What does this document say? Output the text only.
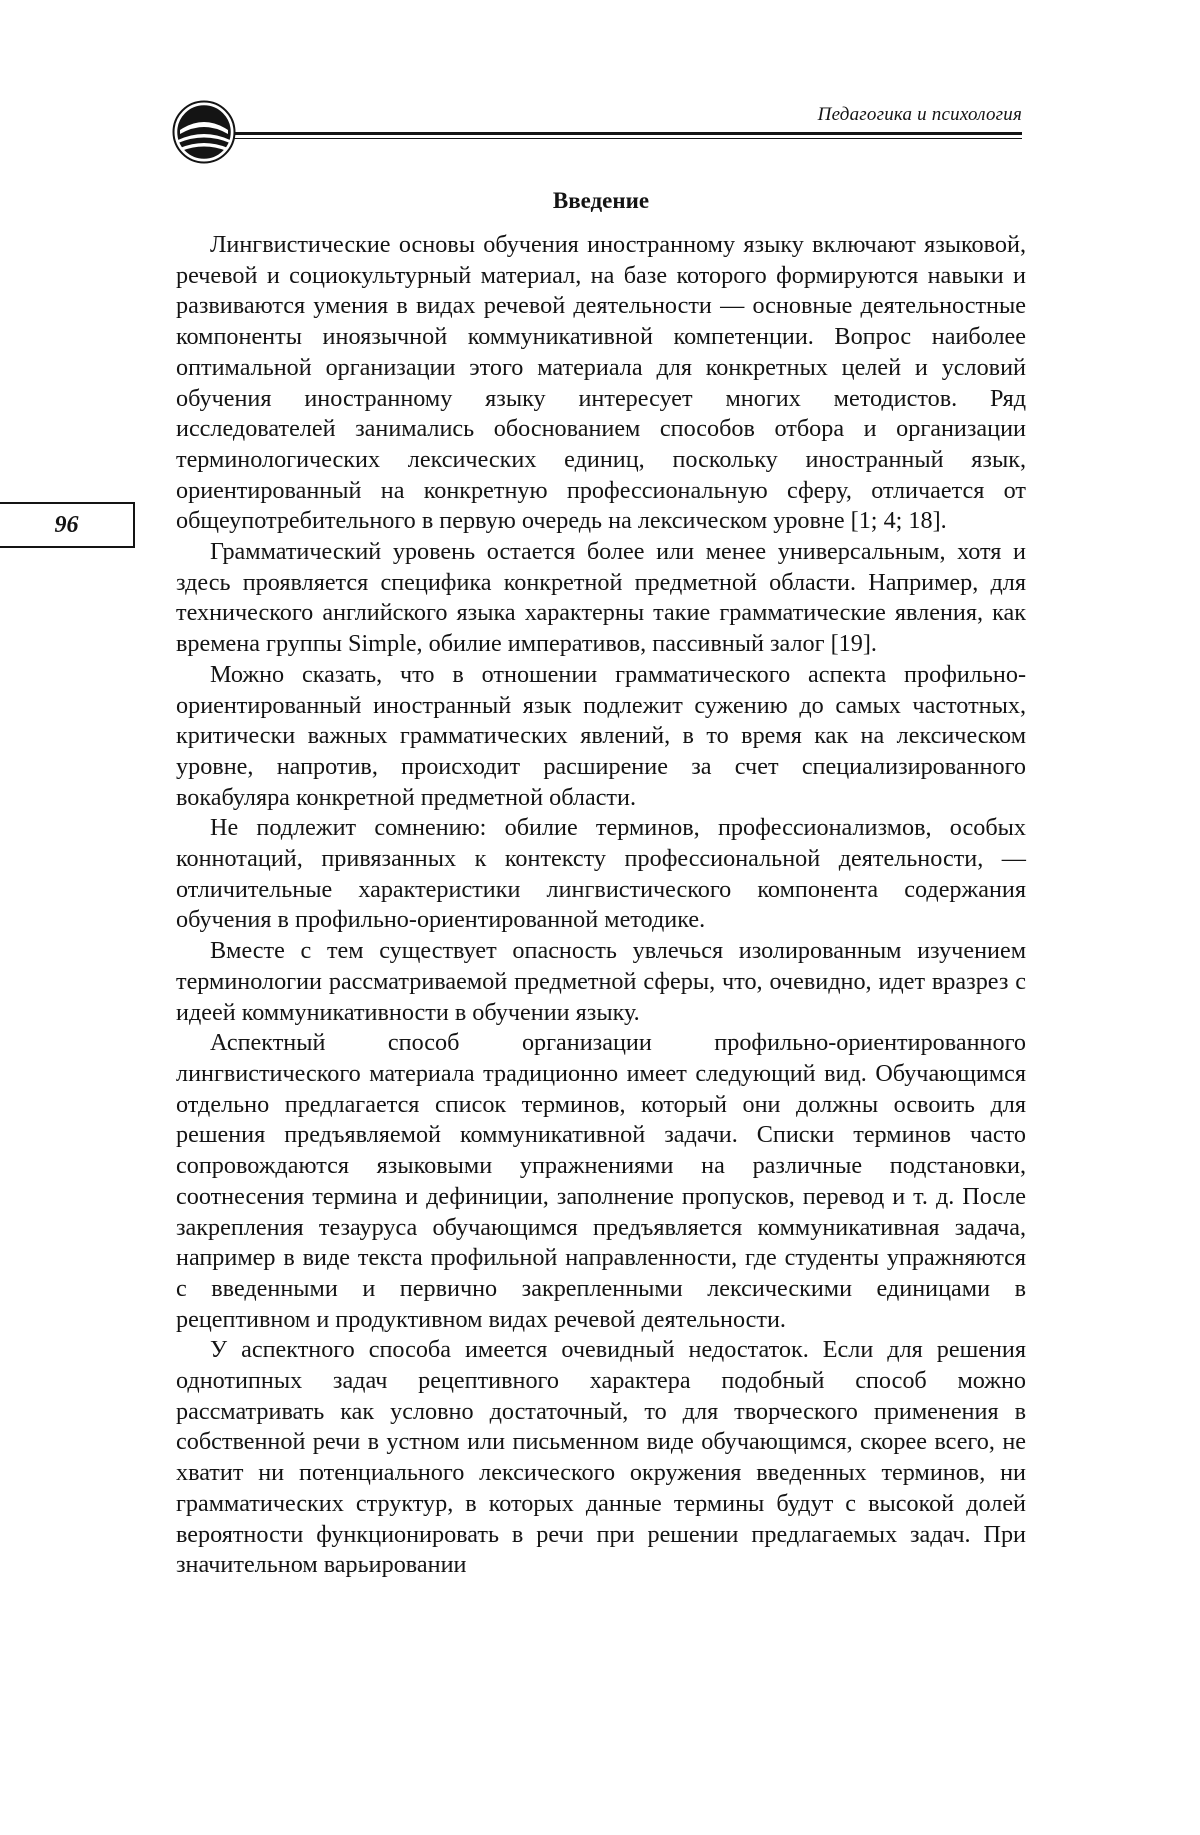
Педагогика и психология
96
Введение

Лингвистические основы обучения иностранному языку включают языковой, речевой и социокультурный материал, на базе которого формируются навыки и развиваются умения в видах речевой деятельности — основные деятельностные компоненты иноязычной коммуникативной компетенции. Вопрос наиболее оптимальной организации этого материала для конкретных целей и условий обучения иностранному языку интересует многих методистов. Ряд исследователей занимались обоснованием способов отбора и организации терминологических лексических единиц, поскольку иностранный язык, ориентированный на конкретную профессиональную сферу, отличается от общеупотребительного в первую очередь на лексическом уровне [1; 4; 18].

Грамматический уровень остается более или менее универсальным, хотя и здесь проявляется специфика конкретной предметной области. Например, для технического английского языка характерны такие грамматические явления, как времена группы Simple, обилие императивов, пассивный залог [19].

Можно сказать, что в отношении грамматического аспекта профильно-ориентированный иностранный язык подлежит сужению до самых частотных, критически важных грамматических явлений, в то время как на лексическом уровне, напротив, происходит расширение за счет специализированного вокабуляра конкретной предметной области.

Не подлежит сомнению: обилие терминов, профессионализмов, особых коннотаций, привязанных к контексту профессиональной деятельности, — отличительные характеристики лингвистического компонента содержания обучения в профильно-ориентированной методике.

Вместе с тем существует опасность увлечься изолированным изучением терминологии рассматриваемой предметной сферы, что, очевидно, идет вразрез с идеей коммуникативности в обучении языку.

Аспектный способ организации профильно-ориентированного лингвистического материала традиционно имеет следующий вид. Обучающимся отдельно предлагается список терминов, который они должны освоить для решения предъявляемой коммуникативной задачи. Списки терминов часто сопровождаются языковыми упражнениями на различные подстановки, соотнесения термина и дефиниции, заполнение пропусков, перевод и т. д. После закрепления тезауруса обучающимся предъявляется коммуникативная задача, например в виде текста профильной направленности, где студенты упражняются с введенными и первично закрепленными лексическими единицами в рецептивном и продуктивном видах речевой деятельности.

У аспектного способа имеется очевидный недостаток. Если для решения однотипных задач рецептивного характера подобный способ можно рассматривать как условно достаточный, то для творческого применения в собственной речи в устном или письменном виде обучающимся, скорее всего, не хватит ни потенциального лексического окружения введенных терминов, ни грамматических структур, в которых данные термины будут с высокой долей вероятности функционировать в речи при решении предлагаемых задач. При значительном варьировании
